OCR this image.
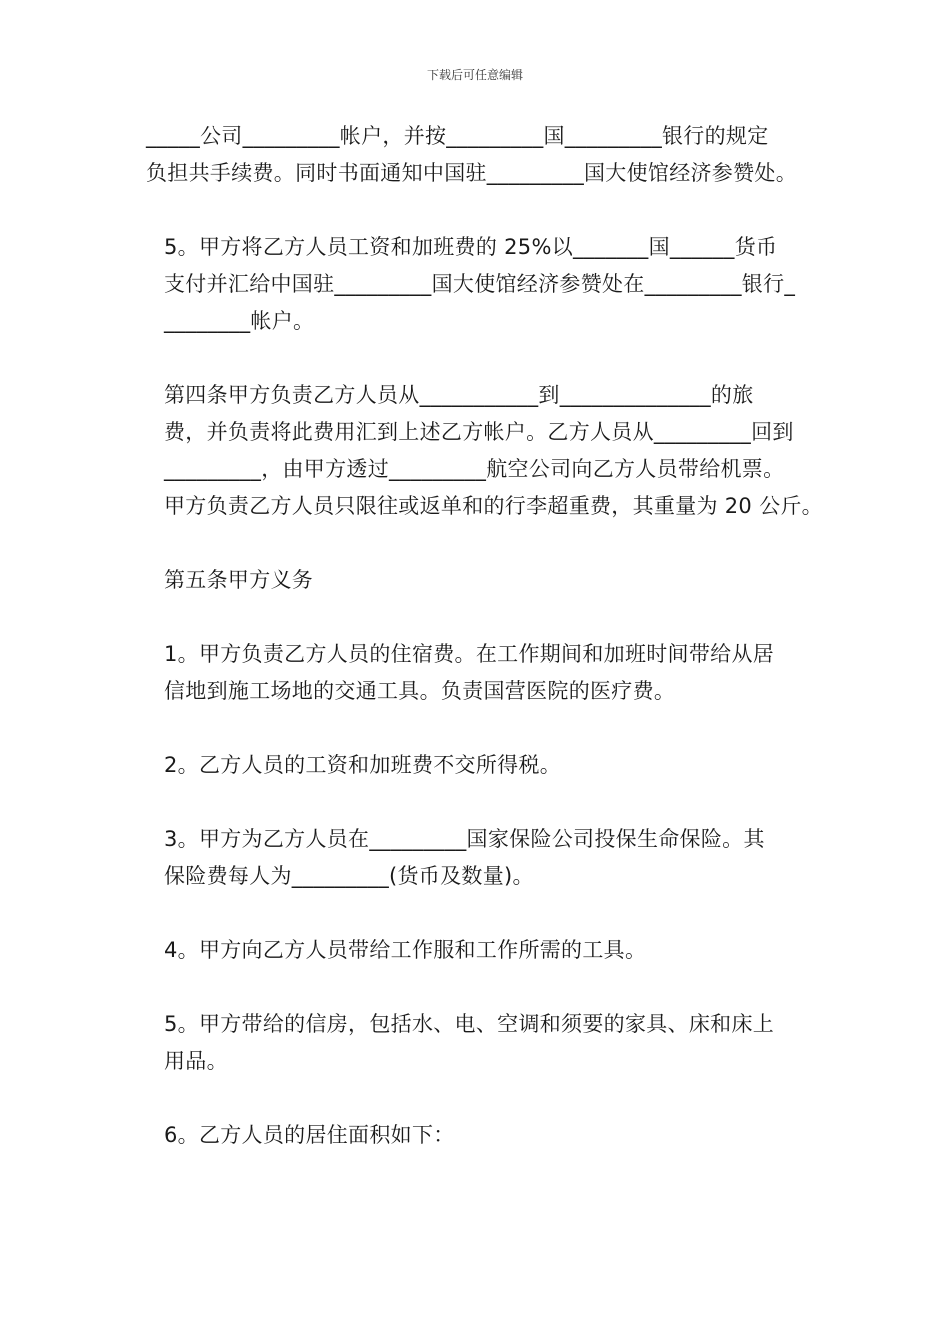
下载后可任意编辑

_____公司_________帐户，并按_________国_________银行的规定
负担共手续费。同时书面通知中国驻_________国大使馆经济参赞处。

5。甲方将乙方人员工资和加班费的 25%以_______国______货币
支付并汇给中国驻_________国大使馆经济参赞处在_________银行_
________帐户。

第四条甲方负责乙方人员从___________到______________的旅
费，并负责将此费用汇到上述乙方帐户。乙方人员从_________回到
_________，由甲方透过_________航空公司向乙方人员带给机票。
甲方负责乙方人员只限往或返单和的行李超重费，其重量为 20 公斤。

第五条甲方义务

1。甲方负责乙方人员的住宿费。在工作期间和加班时间带给从居
信地到施工场地的交通工具。负责国营医院的医疗费。

2。乙方人员的工资和加班费不交所得税。

3。甲方为乙方人员在_________国家保险公司投保生命保险。其
保险费每人为_________(货币及数量)。

4。甲方向乙方人员带给工作服和工作所需的工具。

5。甲方带给的信房，包括水、电、空调和须要的家具、床和床上
用品。

6。乙方人员的居住面积如下：
